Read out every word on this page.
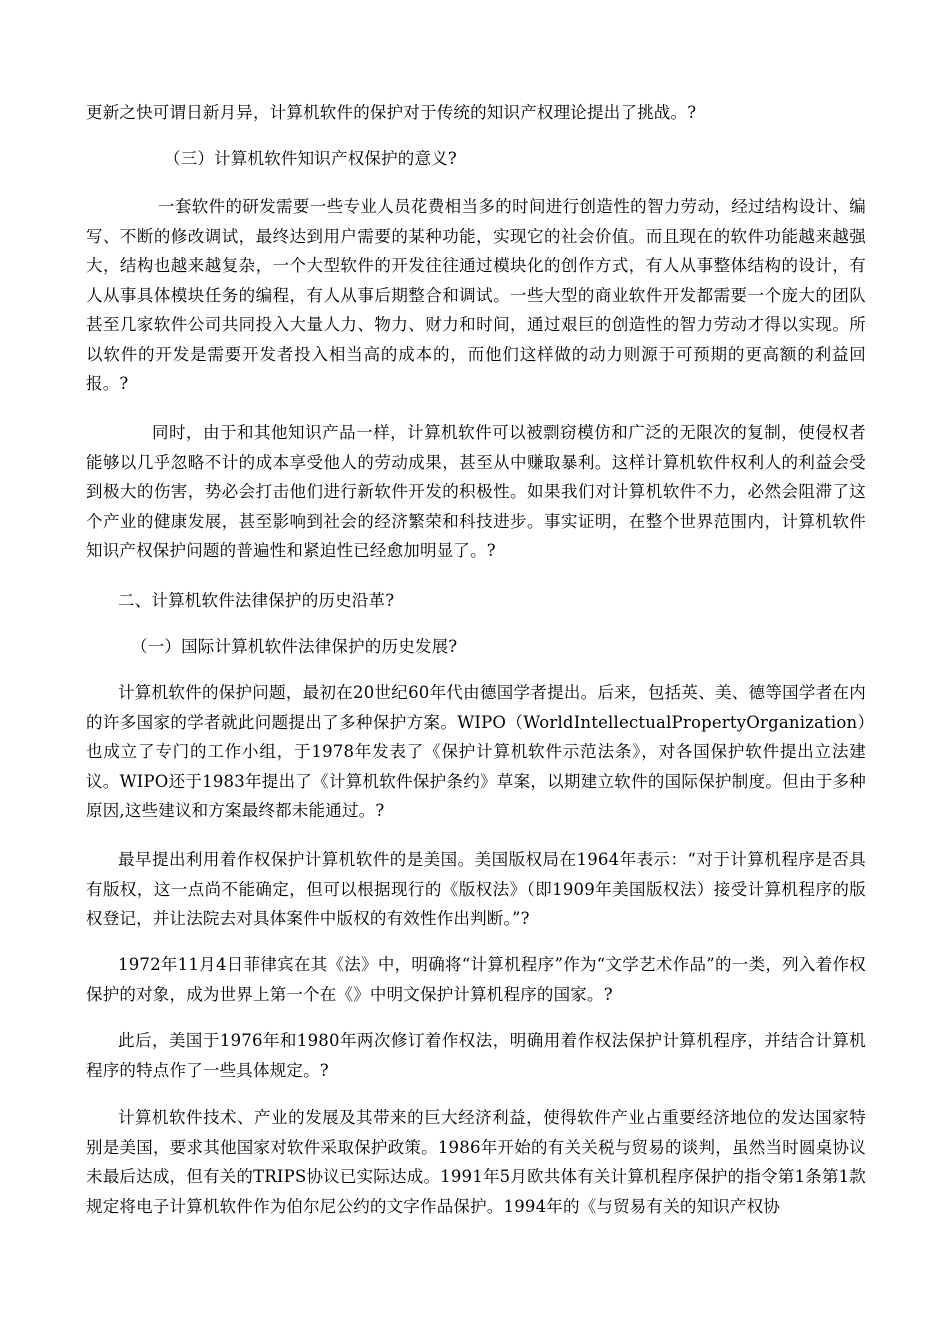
更新之快可谓日新月异，计算机软件的保护对于传统的知识产权理论提出了挑战。?

（三）计算机软件知识产权保护的意义?

一套软件的研发需要一些专业人员花费相当多的时间进行创造性的智力劳动，经过结构设计、编写、不断的修改调试，最终达到用户需要的某种功能，实现它的社会价值。而且现在的软件功能越来越强大，结构也越来越复杂，一个大型软件的开发往往通过模块化的创作方式，有人从事整体结构的设计，有人从事具体模块任务的编程，有人从事后期整合和调试。一些大型的商业软件开发都需要一个庞大的团队甚至几家软件公司共同投入大量人力、物力、财力和时间，通过艰巨的创造性的智力劳动才得以实现。所以软件的开发是需要开发者投入相当高的成本的，而他们这样做的动力则源于可预期的更高额的利益回报。?

同时，由于和其他知识产品一样，计算机软件可以被剽窃模仿和广泛的无限次的复制，使侵权者能够以几乎忽略不计的成本享受他人的劳动成果，甚至从中赚取暴利。这样计算机软件权利人的利益会受到极大的伤害，势必会打击他们进行新软件开发的积极性。如果我们对计算机软件不力，必然会阻滞了这个产业的健康发展，甚至影响到社会的经济繁荣和科技进步。事实证明，在整个世界范围内，计算机软件知识产权保护问题的普遍性和紧迫性已经愈加明显了。?

二、计算机软件法律保护的历史沿革?

（一）国际计算机软件法律保护的历史发展?

计算机软件的保护问题，最初在20世纪60年代由德国学者提出。后来，包括英、美、德等国学者在内的许多国家的学者就此问题提出了多种保护方案。WIPO（WorldIntellectualPropertyOrganization）也成立了专门的工作小组，于1978年发表了《保护计算机软件示范法条》，对各国保护软件提出立法建议。WIPO还于1983年提出了《计算机软件保护条约》草案，以期建立软件的国际保护制度。但由于多种原因,这些建议和方案最终都未能通过。?

最早提出利用着作权保护计算机软件的是美国。美国版权局在1964年表示：“对于计算机程序是否具有版权，这一点尚不能确定，但可以根据现行的《版权法》（即1909年美国版权法）接受计算机程序的版权登记，并让法院去对具体案件中版权的有效性作出判断。”?

1972年11月4日菲律宾在其《法》中，明确将“计算机程序”作为“文学艺术作品”的一类，列入着作权保护的对象，成为世界上第一个在《》中明文保护计算机程序的国家。?

此后，美国于1976年和1980年两次修订着作权法，明确用着作权法保护计算机程序，并结合计算机程序的特点作了一些具体规定。?

计算机软件技术、产业的发展及其带来的巨大经济利益，使得软件产业占重要经济地位的发达国家特别是美国，要求其他国家对软件采取保护政策。1986年开始的有关关税与贸易的谈判，虽然当时圆桌协议未最后达成，但有关的TRIPS协议已实际达成。1991年5月欧共体有关计算机程序保护的指令第1条第1款规定将电子计算机软件作为伯尔尼公约的文字作品保护。1994年的《与贸易有关的知识产权协
